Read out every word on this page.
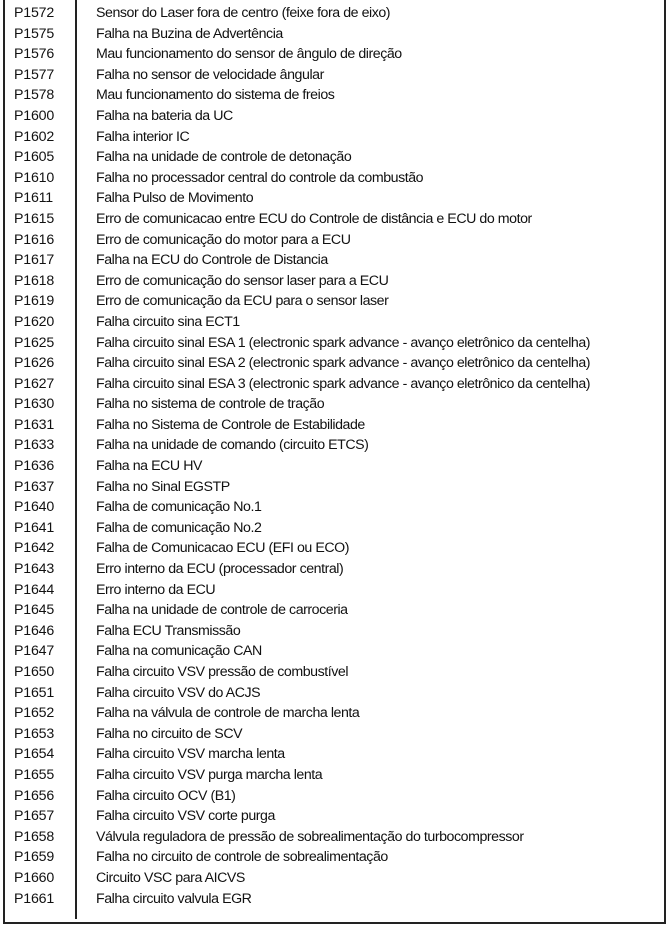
P1572	Sensor do Laser fora de centro (feixe fora de eixo)
P1575	Falha na Buzina de Advertência
P1576	Mau funcionamento do sensor de ângulo de direção
P1577	Falha no sensor de velocidade ângular
P1578	Mau funcionamento do sistema de freios
P1600	Falha na bateria da UC
P1602	Falha interior IC
P1605	Falha na unidade de controle de detonação
P1610	Falha no processador central do controle da combustão
P1611	Falha Pulso de Movimento
P1615	Erro de comunicacao entre ECU do Controle de distância e ECU do motor
P1616	Erro de comunicação do motor para a ECU
P1617	Falha na ECU do Controle de Distancia
P1618	Erro de comunicação do sensor laser para a ECU
P1619	Erro de comunicação da ECU para o sensor laser
P1620	Falha circuito sina ECT1
P1625	Falha circuito sinal ESA 1 (electronic spark advance - avanço eletrônico da centelha)
P1626	Falha circuito sinal ESA 2 (electronic spark advance - avanço eletrônico da centelha)
P1627	Falha circuito sinal ESA 3 (electronic spark advance - avanço eletrônico da centelha)
P1630	Falha no sistema de controle de tração
P1631	Falha no Sistema de Controle de Estabilidade
P1633	Falha na unidade de comando (circuito ETCS)
P1636	Falha na ECU HV
P1637	Falha no Sinal EGSTP
P1640	Falha de comunicação No.1
P1641	Falha de comunicação No.2
P1642	Falha de Comunicacao ECU (EFI ou ECO)
P1643	Erro interno da ECU (processador central)
P1644	Erro interno da ECU
P1645	Falha na unidade de controle de carroceria
P1646	Falha ECU Transmissão
P1647	Falha na comunicação CAN
P1650	Falha circuito VSV pressão de combustível
P1651	Falha circuito VSV do ACJS
P1652	Falha na válvula de controle de marcha lenta
P1653	Falha no circuito de SCV
P1654	Falha circuito VSV marcha lenta
P1655	Falha circuito VSV purga marcha lenta
P1656	Falha circuito OCV (B1)
P1657	Falha circuito VSV corte purga
P1658	Válvula reguladora de pressão de sobrealimentação do turbocompressor
P1659	Falha no circuito de controle de sobrealimentação
P1660	Circuito VSC para AICVS
P1661	Falha circuito valvula EGR
